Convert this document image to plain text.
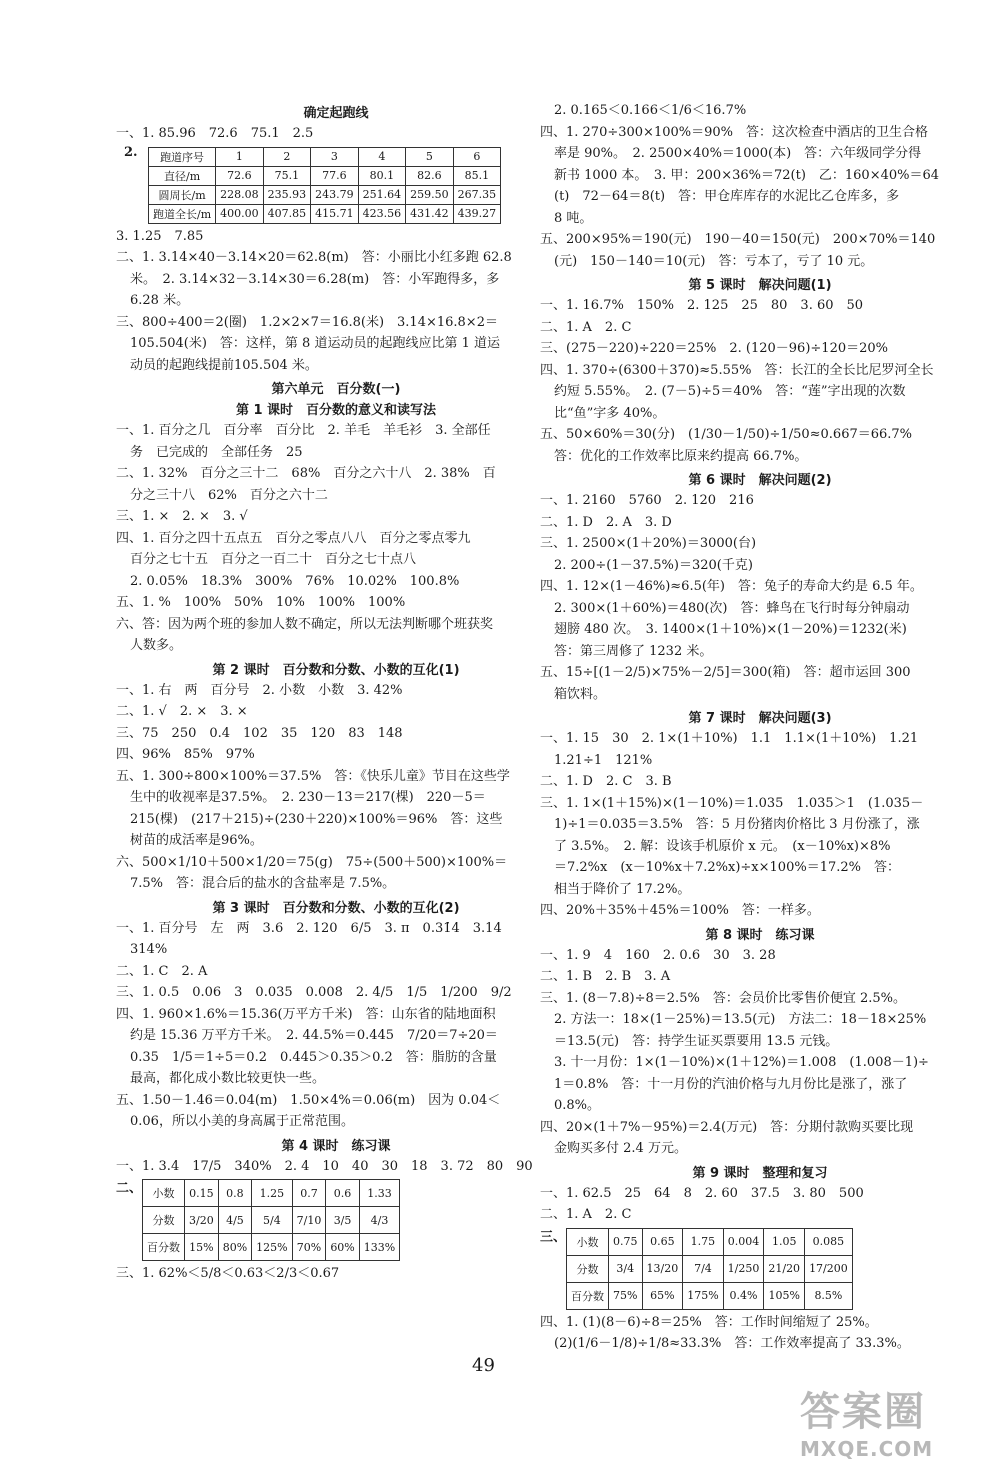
确定起跑线

一、1. 85.96　72.6　75.1　2.5

2.	跑道序号	1	2	3	4	5	6
直径/m	72.6	75.1	77.6	80.1	82.6	85.1
圆周长/m	228.08	235.93	243.79	251.64	259.50	267.35
跑道全长/m	400.00	407.85	415.71	423.56	431.42	439.27

3. 1.25　7.85

二、1. 3.14×40－3.14×20＝62.8(m)　答：小丽比小红多跑 62.8

米。　2. 3.14×32－3.14×30＝6.28(m)　答：小军跑得多，多

6.28 米。

三、800÷400＝2(圈)　1.2×2×7＝16.8(米)　3.14×16.8×2＝

105.504(米)　答：这样，第 8 道运动员的起跑线应比第 1 道运

动员的起跑线提前105.504 米。

第六单元　百分数(一)

第 1 课时　百分数的意义和读写法

一、1. 百分之几　百分率　百分比　2. 羊毛　羊毛衫　3. 全部任

务　已完成的　全部任务　25

二、1. 32%　百分之三十二　68%　百分之六十八　2. 38%　百

分之三十八　62%　百分之六十二

三、1. ×　2. ×　3. √

四、1. 百分之四十五点五　百分之零点八八　百分之零点零九

百分之七十五　百分之一百二十　百分之七十点八

2. 0.05%　18.3%　300%　76%　10.02%　100.8%

五、1. %　100%　50%　10%　100%　100%

六、答：因为两个班的参加人数不确定，所以无法判断哪个班获奖

人数多。

第 2 课时　百分数和分数、小数的互化(1)

一、1. 右　两　百分号　2. 小数　小数　3. 42%

二、1. √　2. ×　3. ×

三、75　250　0.4　102　35　120　83　148

四、96%　85%　97%

五、1. 300÷800×100%＝37.5%　答：《快乐儿童》节目在这些学

生中的收视率是37.5%。　2. 230－13＝217(棵)　220－5＝

215(棵)　(217＋215)÷(230＋220)×100%＝96%　答：这些

树苗的成活率是96%。

六、500×1/10＋500×1/20＝75(g)　75÷(500＋500)×100%＝

7.5%　答：混合后的盐水的含盐率是 7.5%。

第 3 课时　百分数和分数、小数的互化(2)

一、1. 百分号　左　两　3.6　2. 120　6/5　3. π　0.31̇4̇　3.14

314%

二、1. C　2. A

三、1. 0.5　0.06　3　0.035　0.008　2. 4/5　1/5　1/200　9/2

四、1. 960×1.6%＝15.36(万平方千米)　答：山东省的陆地面积

约是 15.36 万平方千米。　2. 44.5%＝0.445　7/20＝7÷20＝

0.35　1/5＝1÷5＝0.2　0.445＞0.35＞0.2　答：脂肪的含量

最高，都化成小数比较更快一些。

五、1.50－1.46＝0.04(m)　1.50×4%＝0.06(m)　因为 0.04＜

0.06，所以小美的身高属于正常范围。

第 4 课时　练习课

一、1. 3.4　17/5　340%　2. 4　10　40　30　18　3. 72　80　90

二、 小数	0.15	0.8	1.25	0.7	0.6	1.33
分数	3/20	4/5	5/4	7/10	3/5	4/3
百分数	15%	80%	125%	70%	60%	133%

三、1. 62%＜5/8＜0.63＜2/3＜0.67

2. 0.165＜0.166＜1/6＜16.7%

四、1. 270÷300×100%＝90%　答：这次检查中酒店的卫生合格

率是 90%。　2. 2500×40%＝1000(本)　答：六年级同学分得

新书 1000 本。　3. 甲：200×36%＝72(t)　乙：160×40%＝64

(t)　72－64＝8(t)　答：甲仓库库存的水泥比乙仓库多，多

8 吨。

五、200×95%＝190(元)　190－40＝150(元)　200×70%＝140

(元)　150－140＝10(元)　答：亏本了，亏了 10 元。

第 5 课时　解决问题(1)

一、1. 16.7%　150%　2. 125　25　80　3. 60　50

二、1. A　2. C

三、(275－220)÷220＝25%　2. (120－96)÷120＝20%

四、1. 370÷(6300＋370)≈5.55%　答：长江的全长比尼罗河全长

约短 5.55%。　2. (7－5)÷5＝40%　答：“莲”字出现的次数

比“鱼”字多 40%。

五、50×60%＝30(分)　(1/30－1/50)÷1/50≈0.667＝66.7%

答：优化的工作效率比原来约提高 66.7%。

第 6 课时　解决问题(2)

一、1. 2160　5760　2. 120　216

二、1. D　2. A　3. D

三、1. 2500×(1＋20%)＝3000(台)

2. 200÷(1－37.5%)＝320(千克)

四、1. 12×(1－46%)≈6.5(年)　答：兔子的寿命大约是 6.5 年。

2. 300×(1＋60%)＝480(次)　答：蜂鸟在飞行时每分钟扇动

翅膀 480 次。　3. 1400×(1＋10%)×(1－20%)＝1232(米)

答：第三周修了 1232 米。

五、15÷[(1－2/5)×75%－2/5]＝300(箱)　答：超市运回 300

箱饮料。

第 7 课时　解决问题(3)

一、1. 15　30　2. 1×(1＋10%)　1.1　1.1×(1＋10%)　1.21

1.21÷1　121%

二、1. D　2. C　3. B

三、1. 1×(1＋15%)×(1－10%)＝1.035　1.035＞1　(1.035－

1)÷1＝0.035＝3.5%　答：5 月份猪肉价格比 3 月份涨了，涨

了 3.5%。　2. 解：设该手机原价 x 元。　(x－10%x)×8%

＝7.2%x　(x－10%x＋7.2%x)÷x×100%＝17.2%　答：

相当于降价了 17.2%。

四、20%＋35%＋45%＝100%　答：一样多。

第 8 课时　练习课

一、1. 9　4　160　2. 0.6　30　3. 28

二、1. B　2. B　3. A

三、1. (8－7.8)÷8＝2.5%　答：会员价比零售价便宜 2.5%。

2. 方法一：18×(1－25%)＝13.5(元)　方法二：18－18×25%

＝13.5(元)　答：持学生证买票要用 13.5 元钱。

3. 十一月份：1×(1－10%)×(1＋12%)＝1.008　(1.008－1)÷

1＝0.8%　答：十一月份的汽油价格与九月份比是涨了，涨了

0.8%。

四、20×(1＋7%－95%)＝2.4(万元)　答：分期付款购买要比现

金购买多付 2.4 万元。

第 9 课时　整理和复习

一、1. 62.5　25　64　8　2. 60　37.5　3. 80　500

二、1. A　2. C

三、 小数	0.75	0.65	1.75	0.004	1.05	0.085
分数	3/4	13/20	7/4	1/250	21/20	17/200
百分数	75%	65%	175%	0.4%	105%	8.5%

四、1. (1)(8－6)÷8＝25%　答：工作时间缩短了 25%。

(2)(1/6－1/8)÷1/8≈33.3%　答：工作效率提高了 33.3%。

49
答案圈
MXQE.COM
